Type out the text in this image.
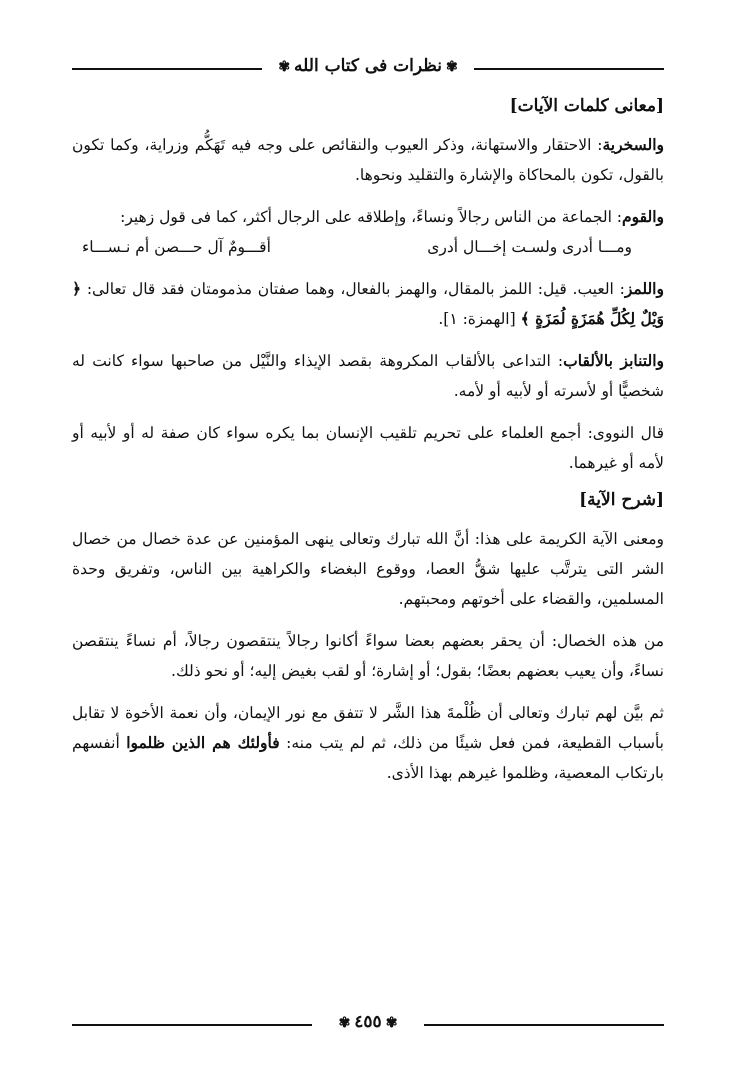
✾نظرات فى كتاب الله✾
[معانى كلمات الآيات]

والسخرية: الاحتقار والاستهانة، وذكر العيوب والنقائص على وجه فيه تَهَكُّم وزراية، وكما تكون بالقول، تكون بالمحاكاة والإشارة والتقليد ونحوها.

والقوم: الجماعة من الناس رجالاً ونساءً، وإطلاقه على الرجال أكثر، كما فى قول زهير:

ومـــا أدرى ولسـت إخـــال أدرى
أقـــومٌ آل حـــصن أم نـســـاء

واللمز: العيب. قيل: اللمز بالمقال، والهمز بالفعال، وهما صفتان مذمومتان فقد قال تعالى: ﴿ وَيْلٌ لِكُلِّ هُمَزَةٍ لُمَزَةٍ ﴾ [الهمزة: ١].

والتنابز بالألقاب: التداعى بالألقاب المكروهة بقصد الإيذاء والنَّيْل من صاحبها سواء كانت له شخصيًّا أو لأسرته أو لأبيه أو لأمه.

قال النووى: أجمع العلماء على تحريم تلقيب الإنسان بما يكره سواء كان صفة له أو لأبيه أو لأمه أو غيرهما.

[شرح الآية]

ومعنى الآية الكريمة على هذا: أنَّ الله تبارك وتعالى ينهى المؤمنين عن عدة خصال من خصال الشر التى يترتَّب عليها شقُّ العصا، ووقوع البغضاء والكراهية بين الناس، وتفريق وحدة المسلمين، والقضاء على أخوتهم ومحبتهم.

من هذه الخصال: أن يحقر بعضهم بعضا سواءً أكانوا رجالاً ينتقصون رجالاً، أم نساءً ينتقصن نساءً، وأن يعيب بعضهم بعضًا؛ بقول؛ أو إشارة؛ أو لقب بغيض إليه؛ أو نحو ذلك.

ثم بيَّن لهم تبارك وتعالى أن ظُلْمةَ هذا الشَّر لا تتفق مع نور الإيمان، وأن نعمة الأخوة لا تقابل بأسباب القطيعة، فمن فعل شيئًا من ذلك، ثم لم يتب منه: فأولئك هم الذين ظلموا أنفسهم بارتكاب المعصية، وظلموا غيرهم بهذا الأذى.

✾ ٤٥٥ ✾
